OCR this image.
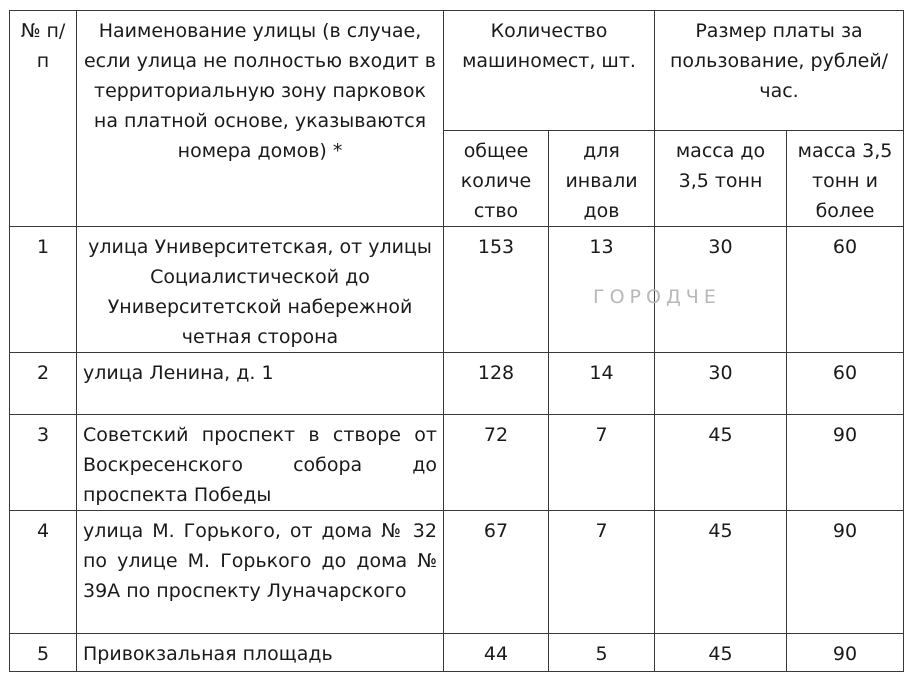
№ п/п	Наименование улицы (в случае, если улица не полностью входит в территориальную зону парковок на платной основе, указываются номера домов) *	Количество машиномест, шт.		Размер платы за пользование, рублей/час.	
		общее количе ство	для инвали дов	масса до 3,5 тонн	масса 3,5 тонн и более
1	улица Университетская, от улицы Социалистической до Университетской набережной четная сторона	153	13	30	60
2	улица Ленина, д. 1	128	14	30	60
3	Советский проспект в створе от Воскресенского собора до проспекта Победы	72	7	45	90
4	улица М. Горького, от дома № 32 по улице М. Горького до дома № 39А по проспекту Луначарского	67	7	45	90
5	Привокзальная площадь	44	5	45	90
ГОРОДЧЕ
